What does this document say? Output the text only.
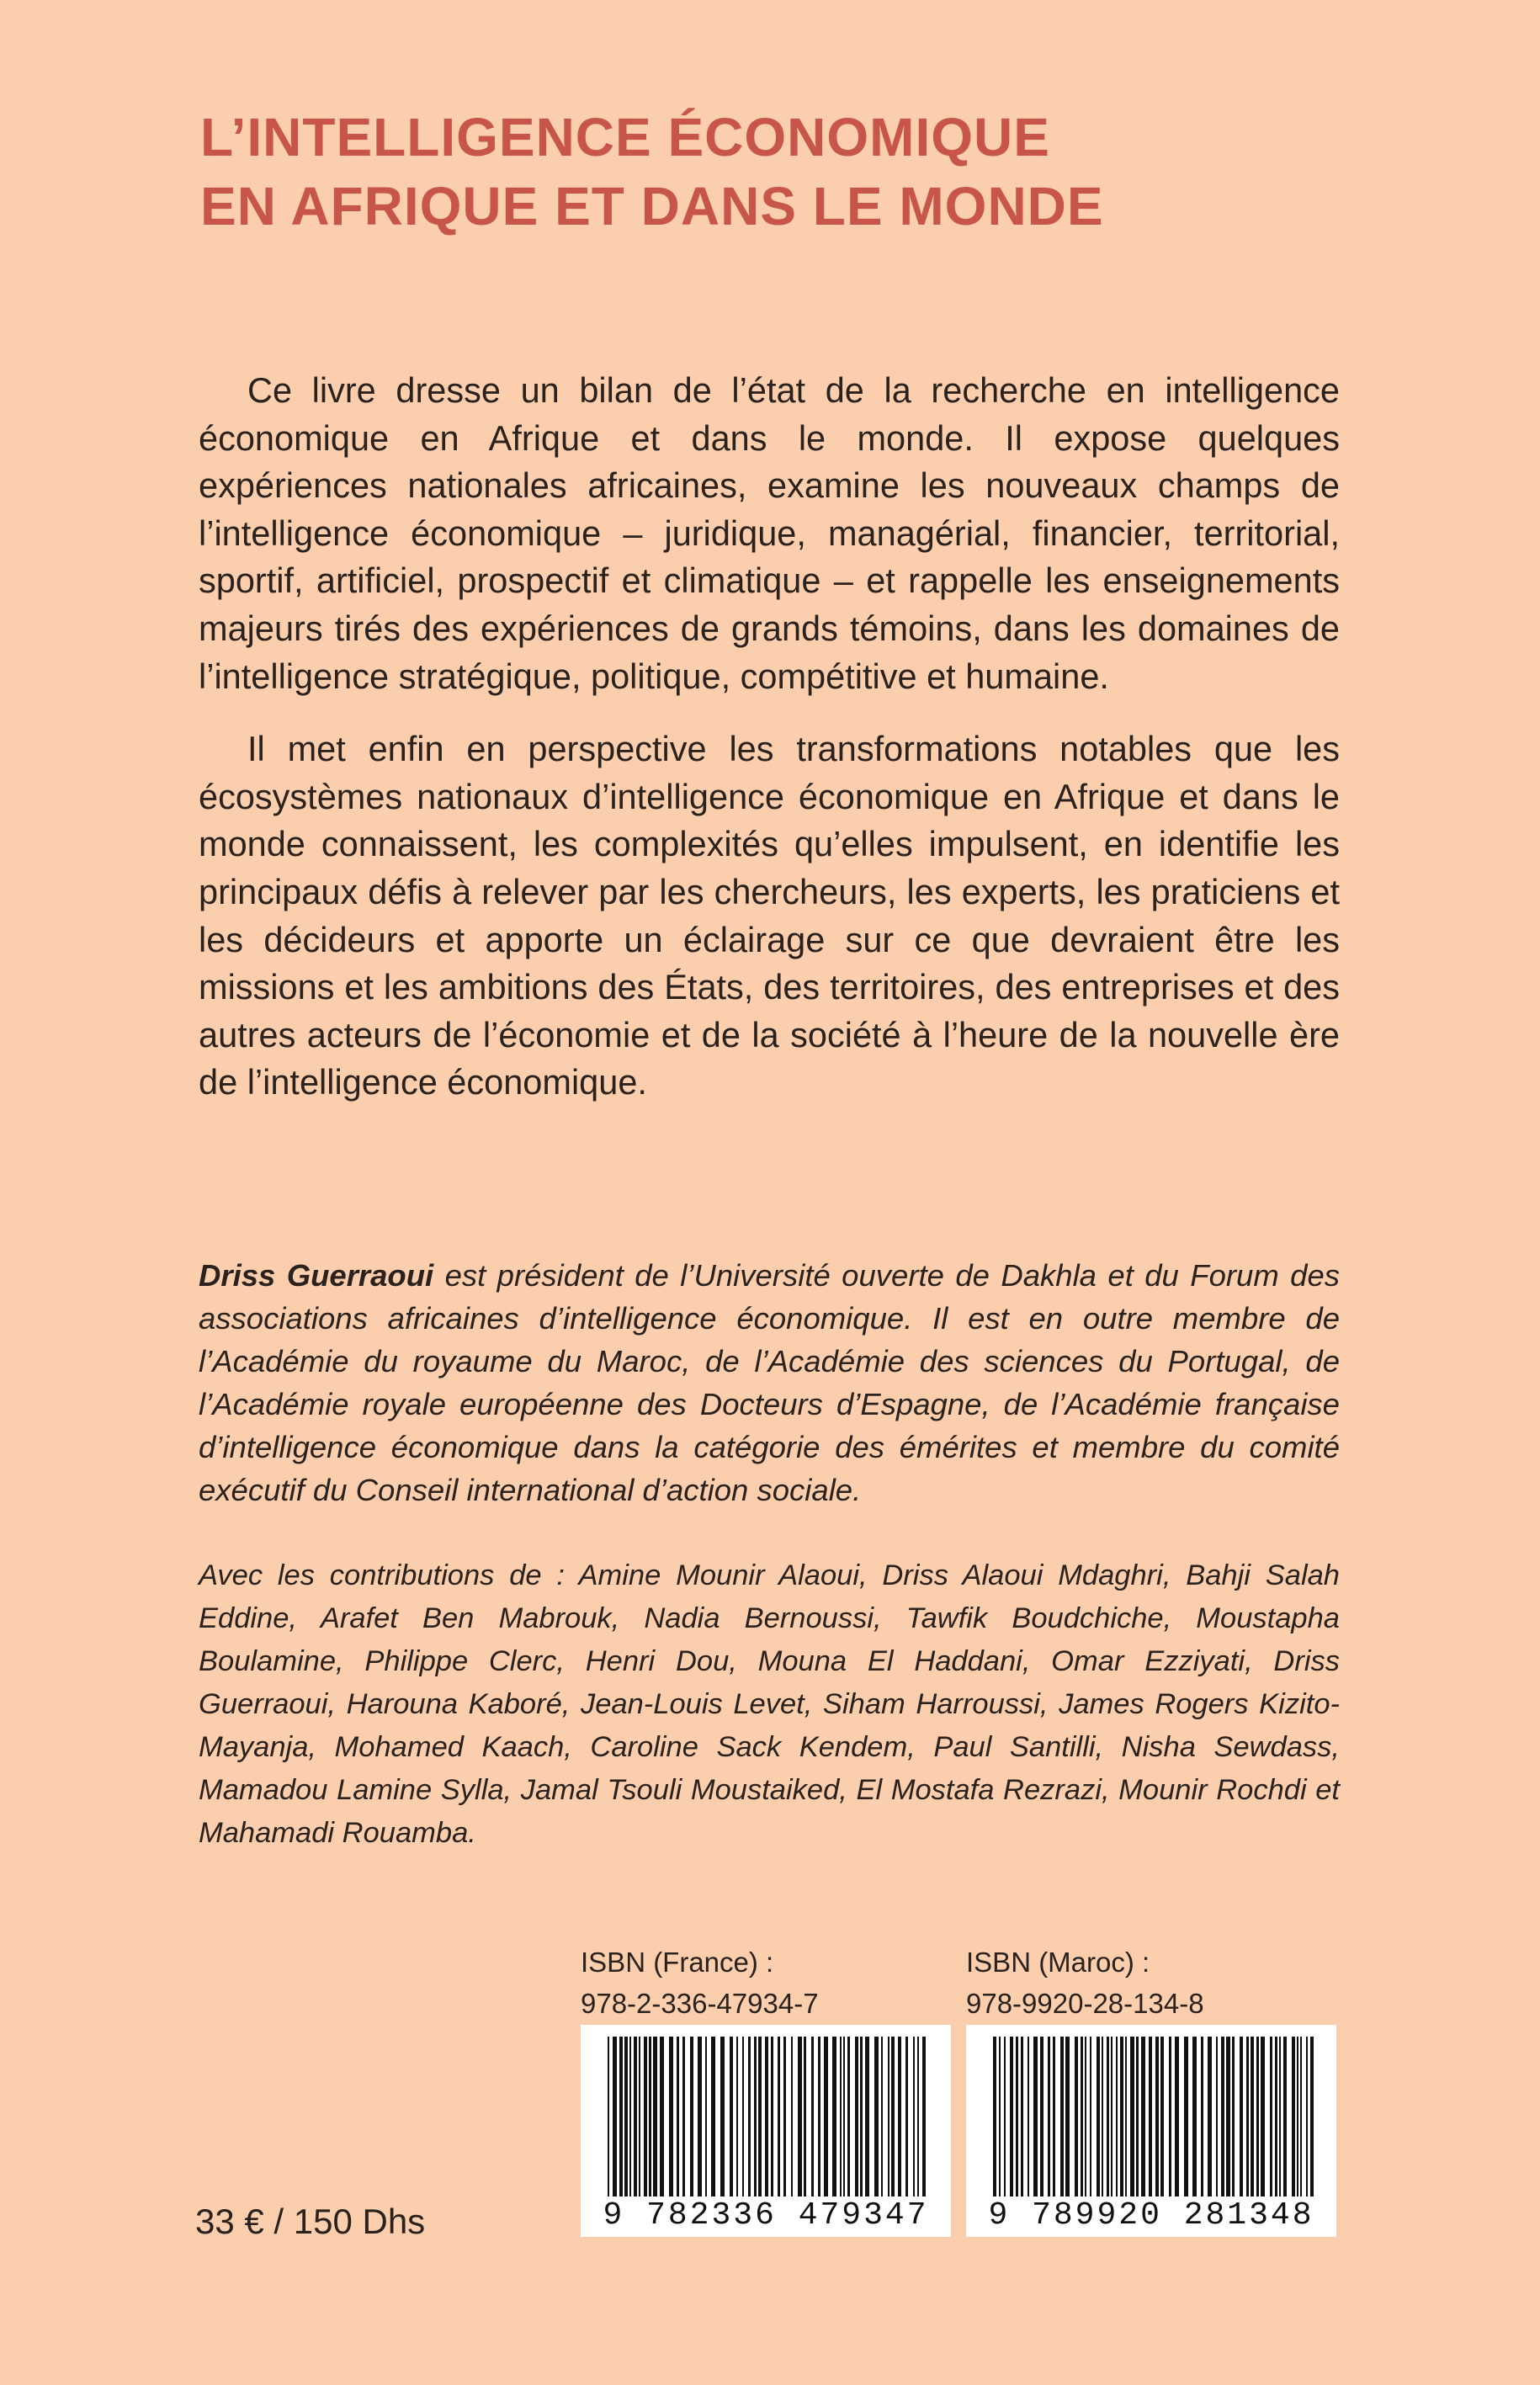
L’INTELLIGENCE ÉCONOMIQUE
EN AFRIQUE ET DANS LE MONDE

Ce livre dresse un bilan de l’état de la recherche en intelligence économique en Afrique et dans le monde. Il expose quelques expériences nationales africaines, examine les nouveaux champs de l’intelligence économique – juridique, managérial, financier, territorial, sportif, artificiel, prospectif et climatique – et rappelle les enseignements majeurs tirés des expériences de grands témoins, dans les domaines de l’intelligence stratégique, politique, compétitive et humaine.

Il met enfin en perspective les transformations notables que les écosystèmes nationaux d’intelligence économique en Afrique et dans le monde connaissent, les complexités qu’elles impulsent, en identifie les principaux défis à relever par les chercheurs, les experts, les praticiens et les décideurs et apporte un éclairage sur ce que devraient être les missions et les ambitions des États, des territoires, des entreprises et des autres acteurs de l’économie et de la société à l’heure de la nouvelle ère de l’intelligence économique.

Driss Guerraoui est président de l’Université ouverte de Dakhla et du Forum des associations africaines d’intelligence économique. Il est en outre membre de l’Académie du royaume du Maroc, de l’Académie des sciences du Portugal, de l’Académie royale européenne des Docteurs d’Espagne, de l’Académie française d’intelligence économique dans la catégorie des émérites et membre du comité exécutif du Conseil international d’action sociale.
Avec les contributions de : Amine Mounir Alaoui, Driss Alaoui Mdaghri, Bahji Salah Eddine, Arafet Ben Mabrouk, Nadia Bernoussi, Tawfik Boudchiche, Moustapha Boulamine, Philippe Clerc, Henri Dou, Mouna El Haddani, Omar Ezziyati, Driss Guerraoui, Harouna Kaboré, Jean-Louis Levet, Siham Harroussi, James Rogers Kizito-Mayanja, Mohamed Kaach, Caroline Sack Kendem, Paul Santilli, Nisha Sewdass, Mamadou Lamine Sylla, Jamal Tsouli Moustaiked, El Mostafa Rezrazi, Mounir Rochdi et Mahamadi Rouamba.
ISBN (France) :
978-2-336-47934-7
ISBN (Maroc) :
978-9920-28-134-8
9 782336 479347	9 789920 281348
33 € / 150 Dhs
